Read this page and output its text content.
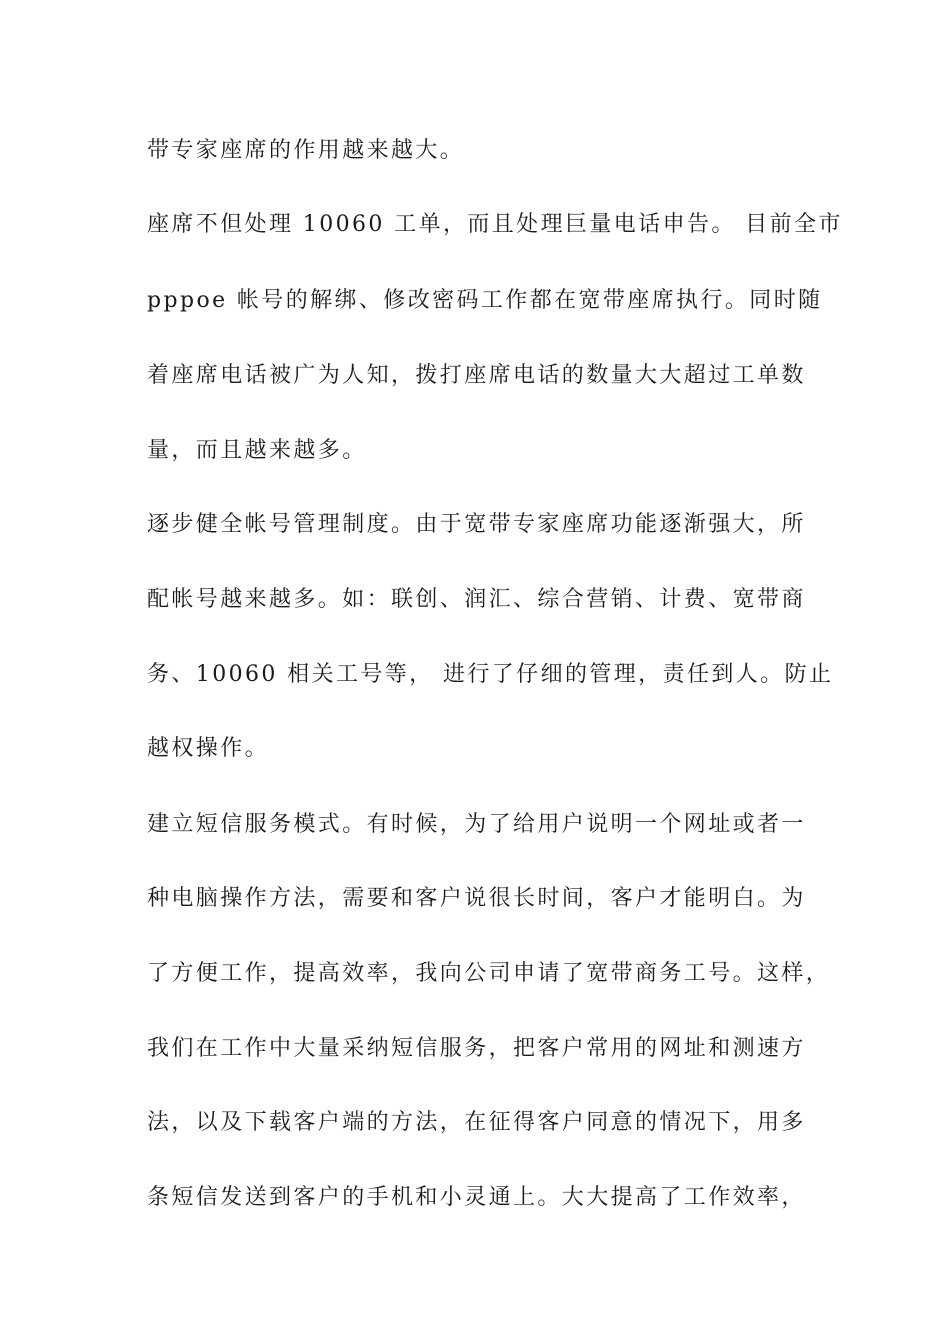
带专家座席的作用越来越大。
座席不但处理 10060 工单，而且处理巨量电话申告。 目前全市
pppoe 帐号的解绑、修改密码工作都在宽带座席执行。同时随
着座席电话被广为人知，拨打座席电话的数量大大超过工单数
量，而且越来越多。
逐步健全帐号管理制度。由于宽带专家座席功能逐渐强大，所
配帐号越来越多。如：联创、润汇、综合营销、计费、宽带商
务、10060 相关工号等， 进行了仔细的管理，责任到人。防止
越权操作。
建立短信服务模式。有时候，为了给用户说明一个网址或者一
种电脑操作方法，需要和客户说很长时间，客户才能明白。为
了方便工作，提高效率，我向公司申请了宽带商务工号。这样，
我们在工作中大量采纳短信服务，把客户常用的网址和测速方
法，以及下载客户端的方法，在征得客户同意的情况下，用多
条短信发送到客户的手机和小灵通上。大大提高了工作效率，
